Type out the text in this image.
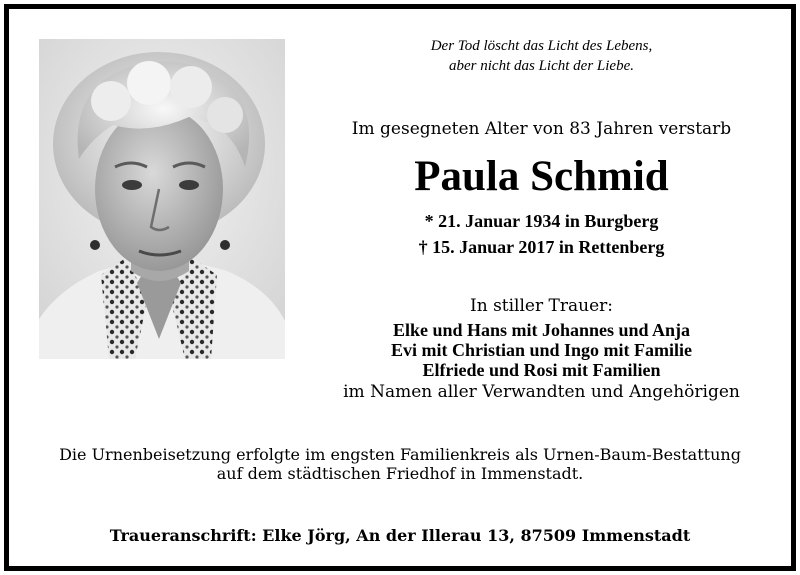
Der Tod löscht das Licht des Lebens,
aber nicht das Licht der Liebe.
Im gesegneten Alter von 83 Jahren verstarb
Paula Schmid
* 21. Januar 1934 in Burgberg
† 15. Januar 2017 in Rettenberg
In stiller Trauer:
Elke und Hans mit Johannes und Anja
Evi mit Christian und Ingo mit Familie
Elfriede und Rosi mit Familien
im Namen aller Verwandten und Angehörigen
Die Urnenbeisetzung erfolgte im engsten Familienkreis als Urnen-Baum-Bestattung
auf dem städtischen Friedhof in Immenstadt.
Traueranschrift: Elke Jörg, An der Illerau 13, 87509 Immenstadt
